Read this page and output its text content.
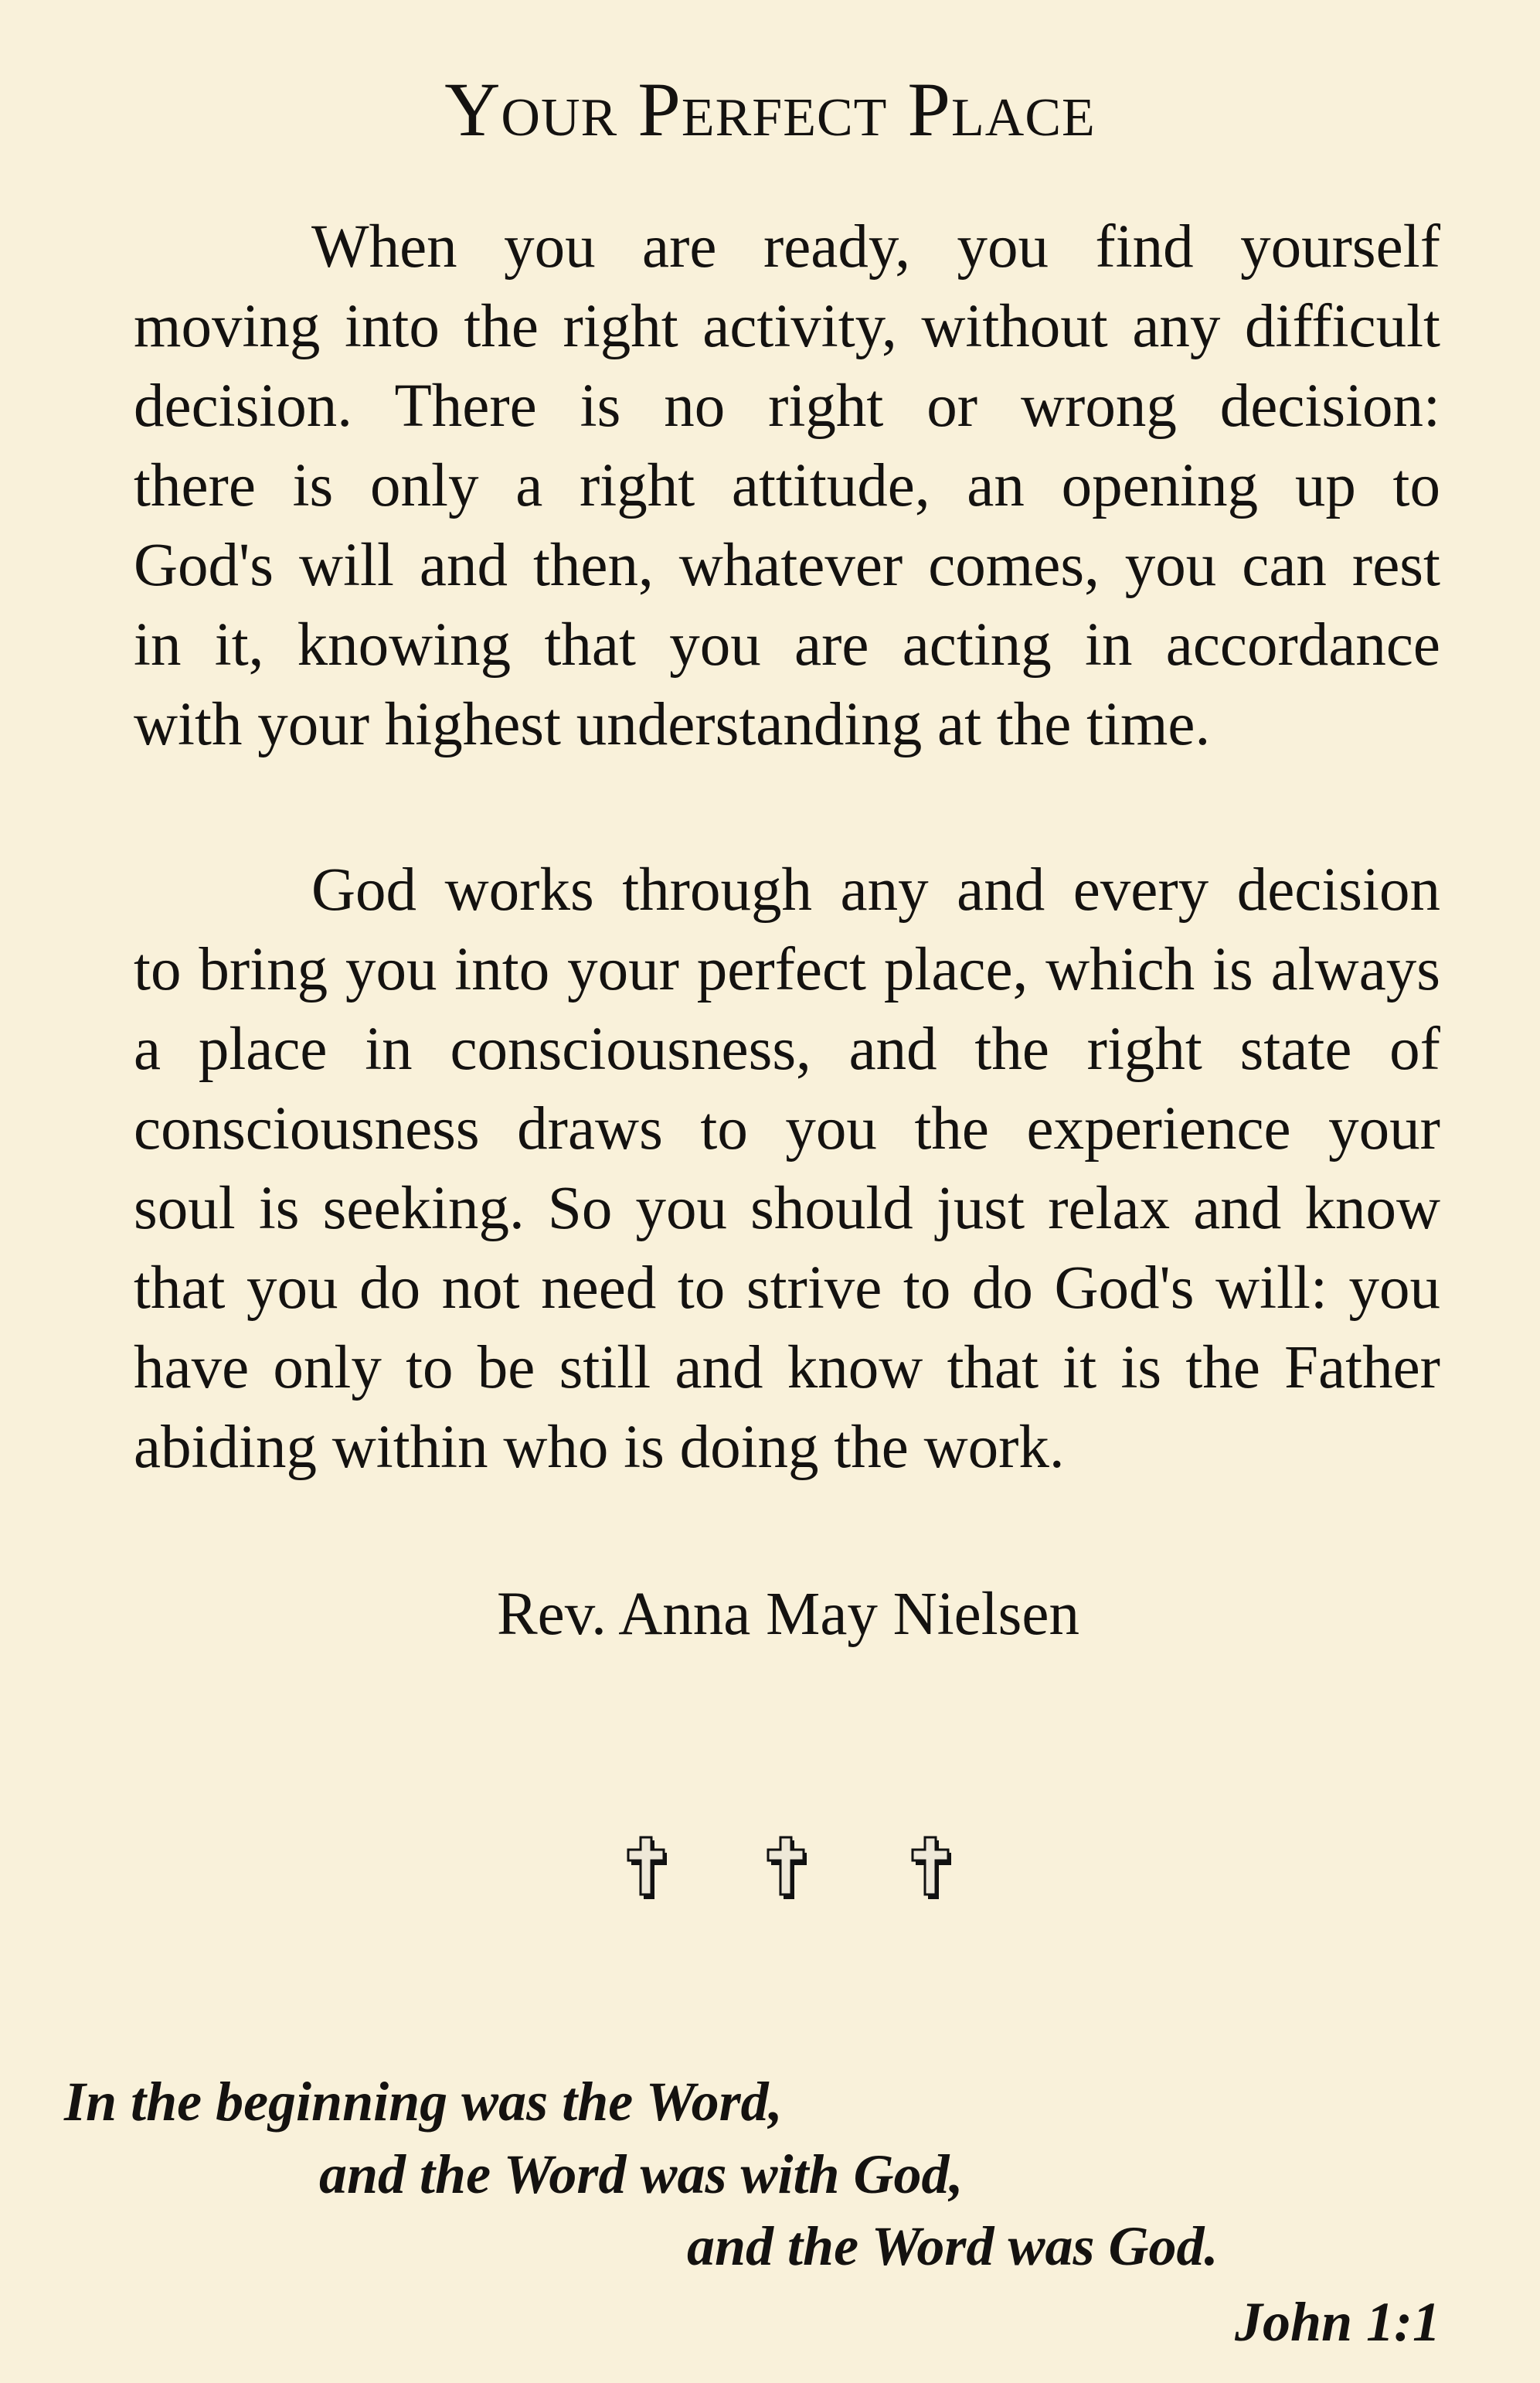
Your Perfect Place
When you are ready, you find yourself
moving into the right activity, without any difficult
decision. There is no right or wrong decision:
there is only a right attitude, an opening up to
God's will and then, whatever comes, you can rest
in it, knowing that you are acting in accordance
with your highest understanding at the time.
God works through any and every decision
to bring you into your perfect place, which is always
a place in consciousness, and the right state of
consciousness draws to you the experience your
soul is seeking. So you should just relax and know
that you do not need to strive to do God's will: you
have only to be still and know that it is the Father
abiding within who is doing the work.
Rev. Anna May Nielsen
In the beginning was the Word,
and the Word was with God,
and the Word was God.
John 1:1
